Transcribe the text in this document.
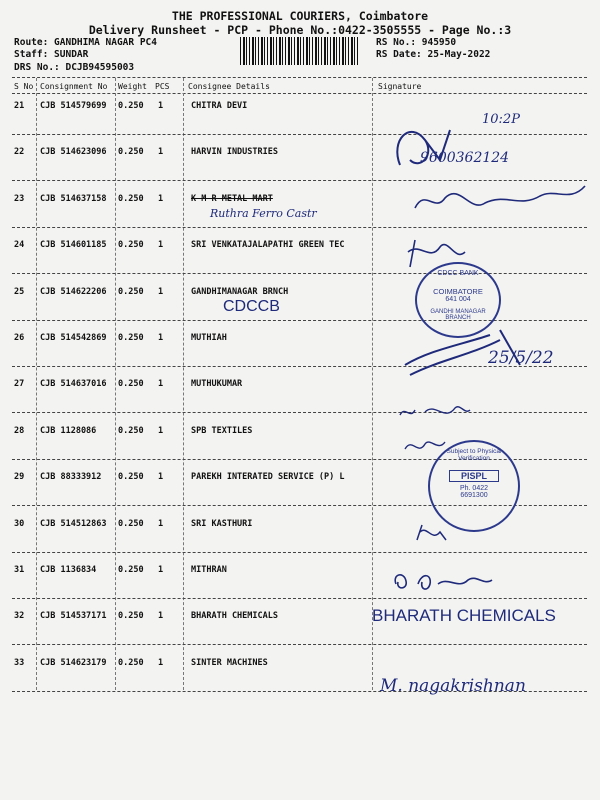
THE PROFESSIONAL COURIERS, Coimbatore
Delivery Runsheet - PCP - Phone No.:0422-3505555 - Page No.:3
Route: GANDHIMA NAGAR PC4
Staff: SUNDAR
DRS No.: DCJB94595003
RS No.: 945950
RS Date: 25-May-2022
S No Consignment No Weight PCS Consignee Details	Signature
21 CJB 514579699 0.250 1	CHITRA DEVI
22 CJB 514623096 0.250 1	HARVIN INDUSTRIES
23 CJB 514637158 0.250 1	K M R METAL MART
24 CJB 514601185 0.250 1	SRI VENKATAJALAPATHI GREEN TEC
25 CJB 514622206 0.250 1	GANDHIMANAGAR BRNCH
26 CJB 514542869 0.250 1	MUTHIAH
27 CJB 514637016 0.250 1	MUTHUKUMAR
28 CJB 1128086	0.250 1	SPB TEXTILES
29 CJB 88333912 0.250 1	PAREKH INTERATED SERVICE (P) L
30 CJB 514512863 0.250 1	SRI KASTHURI
31 CJB 1136834	0.250 1	MITHRAN
32 CJB 514537171 0.250 1	BHARATH CHEMICALS
33 CJB 514623179 0.250 1	SINTER MACHINES
10:2P
9600362124
Ruthra Ferro Castr
CDCC BANK
COIMBATORE
641 004
GANDHI MANAGAR BRANCH
CDCCB
25/5/22
Subject to Physical Verification
PISPL
Ph. 0422
6691300
BHARATH CHEMICALS
M. nagakrishnan
